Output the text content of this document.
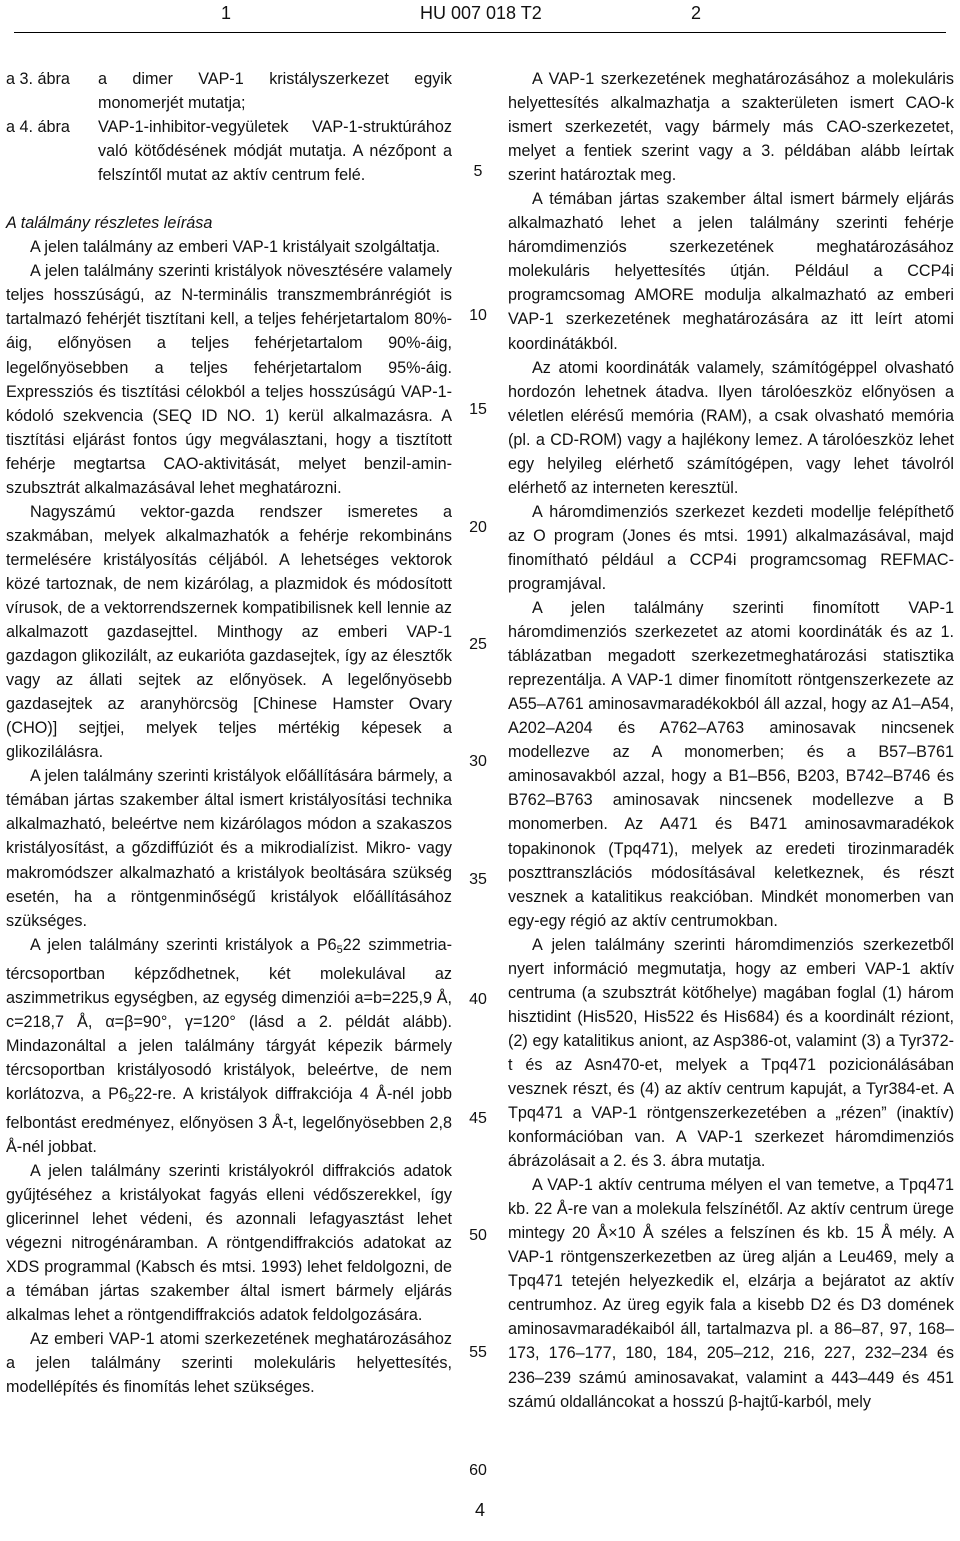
1	HU 007 018 T2	2
a 3. ábra	a dimer VAP-1 kristályszerkezet egyik monomerjét mutatja;
a 4. ábra	VAP-1-inhibitor-vegyületek VAP-1-struktúrához való kötődésének módját mutatja. A nézőpont a felszíntől mutat az aktív centrum felé.

A találmány részletes leírása

A jelen találmány az emberi VAP-1 kristályait szolgáltatja.

A jelen találmány szerinti kristályok növesztésére valamely teljes hosszúságú, az N-terminális transzmembránrégiót is tartalmazó fehérjét tisztítani kell, a teljes fehérjetartalom 80%-áig, előnyösen a teljes fehérjetartalom 90%-áig, legelőnyösebben a teljes fehérjetartalom 95%-áig. Expressziós és tisztítási célokból a teljes hosszúságú VAP-1-kódoló szekvencia (SEQ ID NO. 1) kerül alkalmazásra. A tisztítási eljárást fontos úgy megválasztani, hogy a tisztított fehérje megtartsa CAO-aktivitását, melyet benzil-amin-szubsztrát alkalmazásával lehet meghatározni.

Nagyszámú vektor-gazda rendszer ismeretes a szakmában, melyek alkalmazhatók a fehérje rekombináns termelésére kristályosítás céljából. A lehetséges vektorok közé tartoznak, de nem kizárólag, a plazmidok és módosított vírusok, de a vektorrendszernek kompatibilisnek kell lennie az alkalmazott gazdasejttel. Minthogy az emberi VAP-1 gazdagon glikozilált, az eukarióta gazdasejtek, így az élesztők vagy az állati sejtek az előnyösek. A legelőnyösebb gazdasejtek az aranyhörcsög [Chinese Hamster Ovary (CHO)] sejtjei, melyek teljes mértékig képesek a glikozilálásra.

A jelen találmány szerinti kristályok előállítására bármely, a témában jártas szakember által ismert kristályosítási technika alkalmazható, beleértve nem kizárólagos módon a szakaszos kristályosítást, a gőzdiffúziót és a mikrodialízist. Mikro- vagy makromódszer alkalmazható a kristályok beoltására szükség esetén, ha a röntgenminőségű kristályok előállításához szükséges.

A jelen találmány szerinti kristályok a $P6_522$ szimmetria-tércsoportban képződhetnek, két molekulával az aszimmetrikus egységben, az egység dimenziói a=b=225,9 Å, c=218,7 Å, α=β=90°, γ=120° (lásd a 2. példát alább). Mindazonáltal a jelen találmány tárgyát képezik bármely tércsoportban kristályosodó kristályok, beleértve, de nem korlátozva, a $P6_522-re$. A kristályok diffrakciója 4 Å-nél jobb felbontást eredményez, előnyösen 3 Å-t, legelőnyösebben 2,8 Å-nél jobbat.

A jelen találmány szerinti kristályokról diffrakciós adatok gyűjtéséhez a kristályokat fagyás elleni védőszerekkel, így glicerinnel lehet védeni, és azonnali lefagyasztást lehet végezni nitrogénáramban. A röntgendiffrakciós adatokat az XDS programmal (Kabsch és mtsi. 1993) lehet feldolgozni, de a témában jártas szakember által ismert bármely eljárás alkalmas lehet a röntgendiffrakciós adatok feldolgozására.

Az emberi VAP-1 atomi szerkezetének meghatározásához a jelen találmány szerinti molekuláris helyettesítés, modellépítés és finomítás lehet szükséges.

5
10
15
20
25
30
35
40
45
50
55
60

A VAP-1 szerkezetének meghatározásához a molekuláris helyettesítés alkalmazhatja a szakterületen ismert CAO-k ismert szerkezetét, vagy bármely más CAO-szerkezetet, melyet a fentiek szerint vagy a 3. példában alább leírtak szerint határoztak meg.

A témában jártas szakember által ismert bármely eljárás alkalmazható lehet a jelen találmány szerinti fehérje háromdimenziós szerkezetének meghatározásához molekuláris helyettesítés útján. Például a CCP4i programcsomag AMORE modulja alkalmazható az emberi VAP-1 szerkezetének meghatározására az itt leírt atomi koordinátákból.

Az atomi koordináták valamely, számítógéppel olvasható hordozón lehetnek átadva. Ilyen tárolóeszköz előnyösen a véletlen elérésű memória (RAM), a csak olvasható memória (pl. a CD-ROM) vagy a hajlékony lemez. A tárolóeszköz lehet egy helyileg elérhető számítógépen, vagy lehet távolról elérhető az interneten keresztül.

A háromdimenziós szerkezet kezdeti modellje felépíthető az O program (Jones és mtsi. 1991) alkalmazásával, majd finomítható például a CCP4i programcsomag REFMAC-programjával.

A jelen találmány szerinti finomított VAP-1 háromdimenziós szerkezetet az atomi koordináták és az 1. táblázatban megadott szerkezetmeghatározási statisztika reprezentálja. A VAP-1 dimer finomított röntgenszerkezete az A55–A761 aminosavmaradékokból áll azzal, hogy az A1–A54, A202–A204 és A762–A763 aminosavak nincsenek modellezve az A monomerben; és a B57–B761 aminosavakból azzal, hogy a B1–B56, B203, B742–B746 és B762–B763 aminosavak nincsenek modellezve a B monomerben. Az A471 és B471 aminosavmaradékok topakinonok (Tpq471), melyek az eredeti tirozinmaradék poszttranszlációs módosításával keletkeznek, és részt vesznek a katalitikus reakcióban. Mindkét monomerben van egy-egy régió az aktív centrumokban.

A jelen találmány szerinti háromdimenziós szerkezetből nyert információ megmutatja, hogy az emberi VAP-1 aktív centruma (a szubsztrát kötőhelye) magában foglal (1) három hisztidint (His520, His522 és His684) és a koordinált réziont, (2) egy katalitikus aniont, az Asp386-ot, valamint (3) a Tyr372-t és az Asn470-et, melyek a Tpq471 pozicionálásában vesznek részt, és (4) az aktív centrum kapuját, a Tyr384-et. A Tpq471 a VAP-1 röntgenszerkezetében a „rézen” (inaktív) konformációban van. A VAP-1 szerkezet háromdimenziós ábrázolásait a 2. és 3. ábra mutatja.

A VAP-1 aktív centruma mélyen el van temetve, a Tpq471 kb. 22 Å-re van a molekula felszínétől. Az aktív centrum ürege mintegy 20 Å×10 Å széles a felszínen és kb. 15 Å mély. A VAP-1 röntgenszerkezetben az üreg alján a Leu469, mely a Tpq471 tetején helyezkedik el, elzárja a bejáratot az aktív centrumhoz. Az üreg egyik fala a kisebb D2 és D3 domének aminosavmaradékaiból áll, tartalmazva pl. a 86–87, 97, 168–173, 176–177, 180, 184, 205–212, 216, 227, 232–234 és 236–239 számú aminosavakat, valamint a 443–449 és 451 számú oldalláncokat a hosszú β-hajtű-karból, mely

4
